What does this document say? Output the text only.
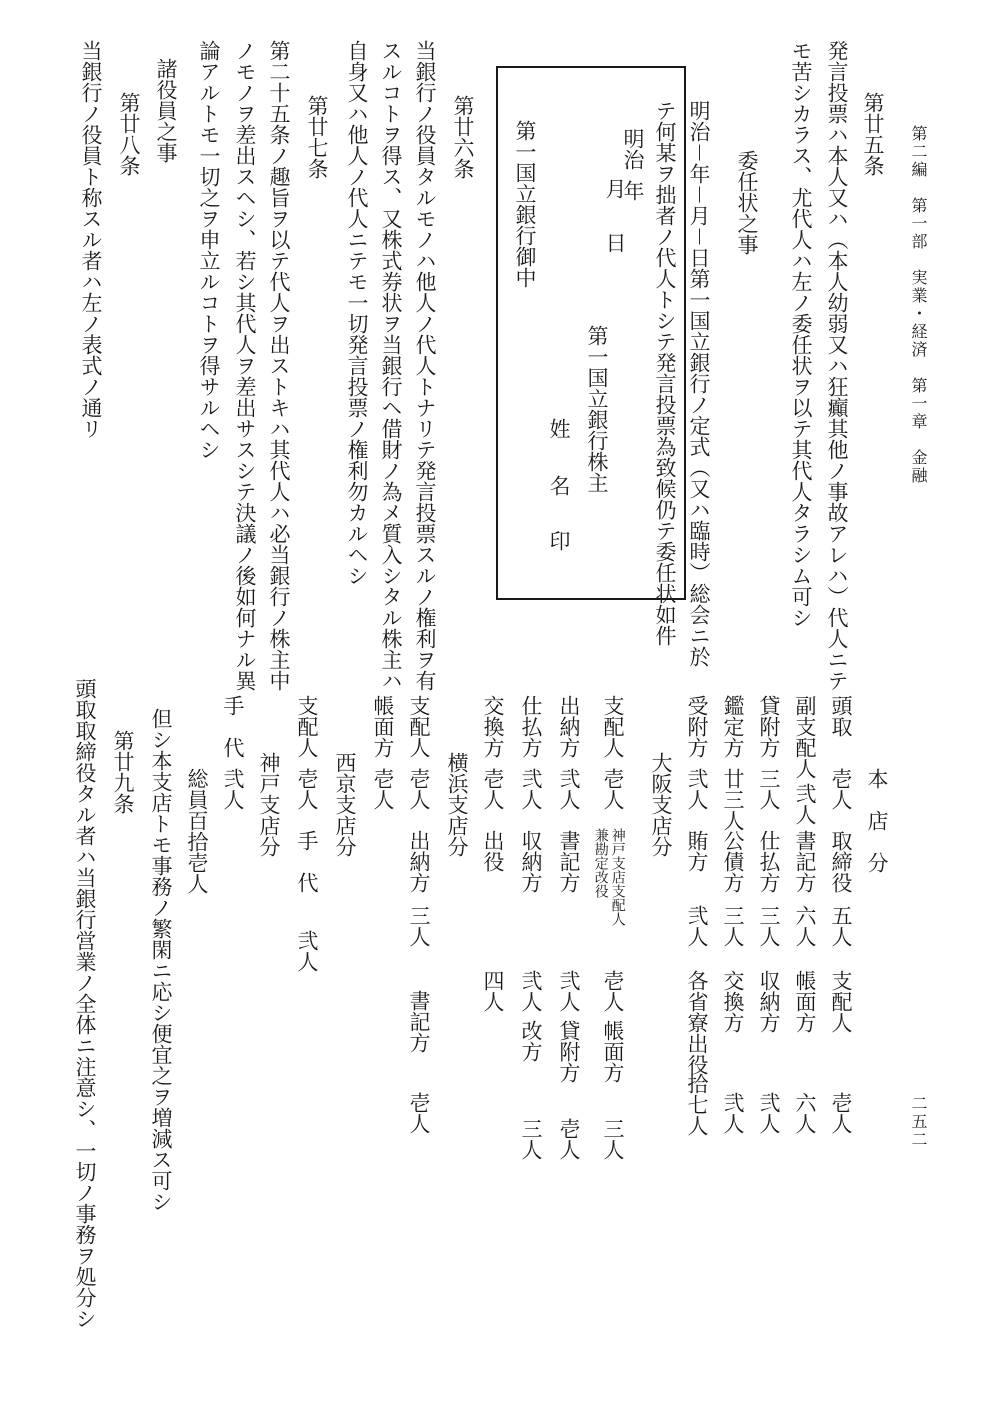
第二編　第一部　実業・経済　第一章　金融
二五二
第廿五条
発言投票ハ本人又ハ（本人幼弱又ハ狂癲其他ノ事故アレハ）代人ニテ
モ苦シカラス、尤代人ハ左ノ委任状ヲ以テ其代人タラシム可シ
委任状之事
明治－年－月－日第一国立銀行ノ定式（又ハ臨時）総会ニ於
テ何某ヲ拙者ノ代人トシテ発言投票為致候仍テ委任状如件
明治
年
月
日
第一国立銀行株主
姓
名
印
第一国立銀行御中
第廿六条
当銀行ノ役員タルモノハ他人ノ代人トナリテ発言投票スルノ権利ヲ有
スルコトヲ得ス、又株式券状ヲ当銀行ヘ借財ノ為メ質入シタル株主ハ
自身又ハ他人ノ代人ニテモ一切発言投票ノ権利勿カルヘシ
第廿七条
第二十五条ノ趣旨ヲ以テ代人ヲ出ストキハ其代人ハ必当銀行ノ株主中
ノモノヲ差出スヘシ、若シ其代人ヲ差出サスシテ決議ノ後如何ナル異
論アルトモ一切之ヲ申立ルコトヲ得サルヘシ
諸役員之事
第廿八条
当銀行ノ役員ト称スル者ハ左ノ表式ノ通リ
本　店　分
頭取
壱人
取締役
五人
支配人
壱人
副支配人
弐人
書記方
六人
帳面方
六人
貸附方
三人
仕払方
三人
収納方
弐人
鑑定方
廿三人
公債方
三人
交換方
弐人
受附方
弐人
賄方
弐人
各省寮出役
拾七人
大阪支店分
支配人
壱人
神戸支店支配人
兼勘定改役
壱人
帳面方
三人
出納方
弐人
書記方
弐人
貸附方
壱人
仕払方
弐人
収納方
弐人
改方
三人
交換方
壱人
出役
四人
横浜支店分
支配人
壱人
出納方
三人
書記方
壱人
帳面方
壱人
西京支店分
支配人
壱人
手　代
弐人
神戸支店分
手　代
弐人
総員百拾壱人
但シ本支店トモ事務ノ繁閑ニ応シ便宜之ヲ増減ス可シ
第廿九条
頭取取締役タル者ハ当銀行営業ノ全体ニ注意シ、一切ノ事務ヲ処分シ
